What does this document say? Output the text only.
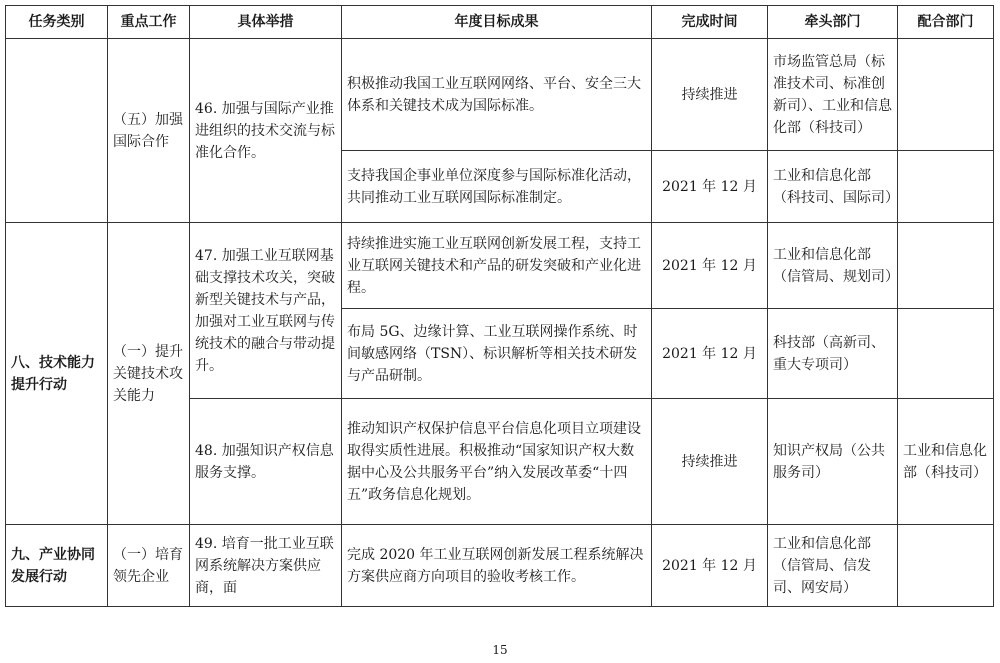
任务类别	重点工作	具体举措	年度目标成果	完成时间	牵头部门	配合部门
	（五）加强国际合作	46. 加强与国际产业推进组织的技术交流与标准化合作。	积极推动我国工业互联网网络、平台、安全三大体系和关键技术成为国际标准。	持续推进	市场监管总局（标准技术司、标准创新司）、工业和信息化部（科技司）	
			支持我国企事业单位深度参与国际标准化活动，共同推动工业互联网国际标准制定。	2021 年 12 月	工业和信息化部（科技司、国际司）	
八、技术能力提升行动	（一）提升关键技术攻关能力	47. 加强工业互联网基础支撑技术攻关，突破新型关键技术与产品，加强对工业互联网与传统技术的融合与带动提升。	持续推进实施工业互联网创新发展工程，支持工业互联网关键技术和产品的研发突破和产业化进程。	2021 年 12 月	工业和信息化部（信管局、规划司）	
			布局 5G、边缘计算、工业互联网操作系统、时间敏感网络（TSN）、标识解析等相关技术研发与产品研制。	2021 年 12 月	科技部（高新司、重大专项司）	
		48. 加强知识产权信息服务支撑。	推动知识产权保护信息平台信息化项目立项建设取得实质性进展。积极推动“国家知识产权大数据中心及公共服务平台”纳入发展改革委“十四五”政务信息化规划。	持续推进	知识产权局（公共服务司）	工业和信息化部（科技司）
九、产业协同发展行动	（一）培育领先企业	49. 培育一批工业互联网系统解决方案供应商，面	完成 2020 年工业互联网创新发展工程系统解决方案供应商方向项目的验收考核工作。	2021 年 12 月	工业和信息化部（信管局、信发司、网安局）	
15
